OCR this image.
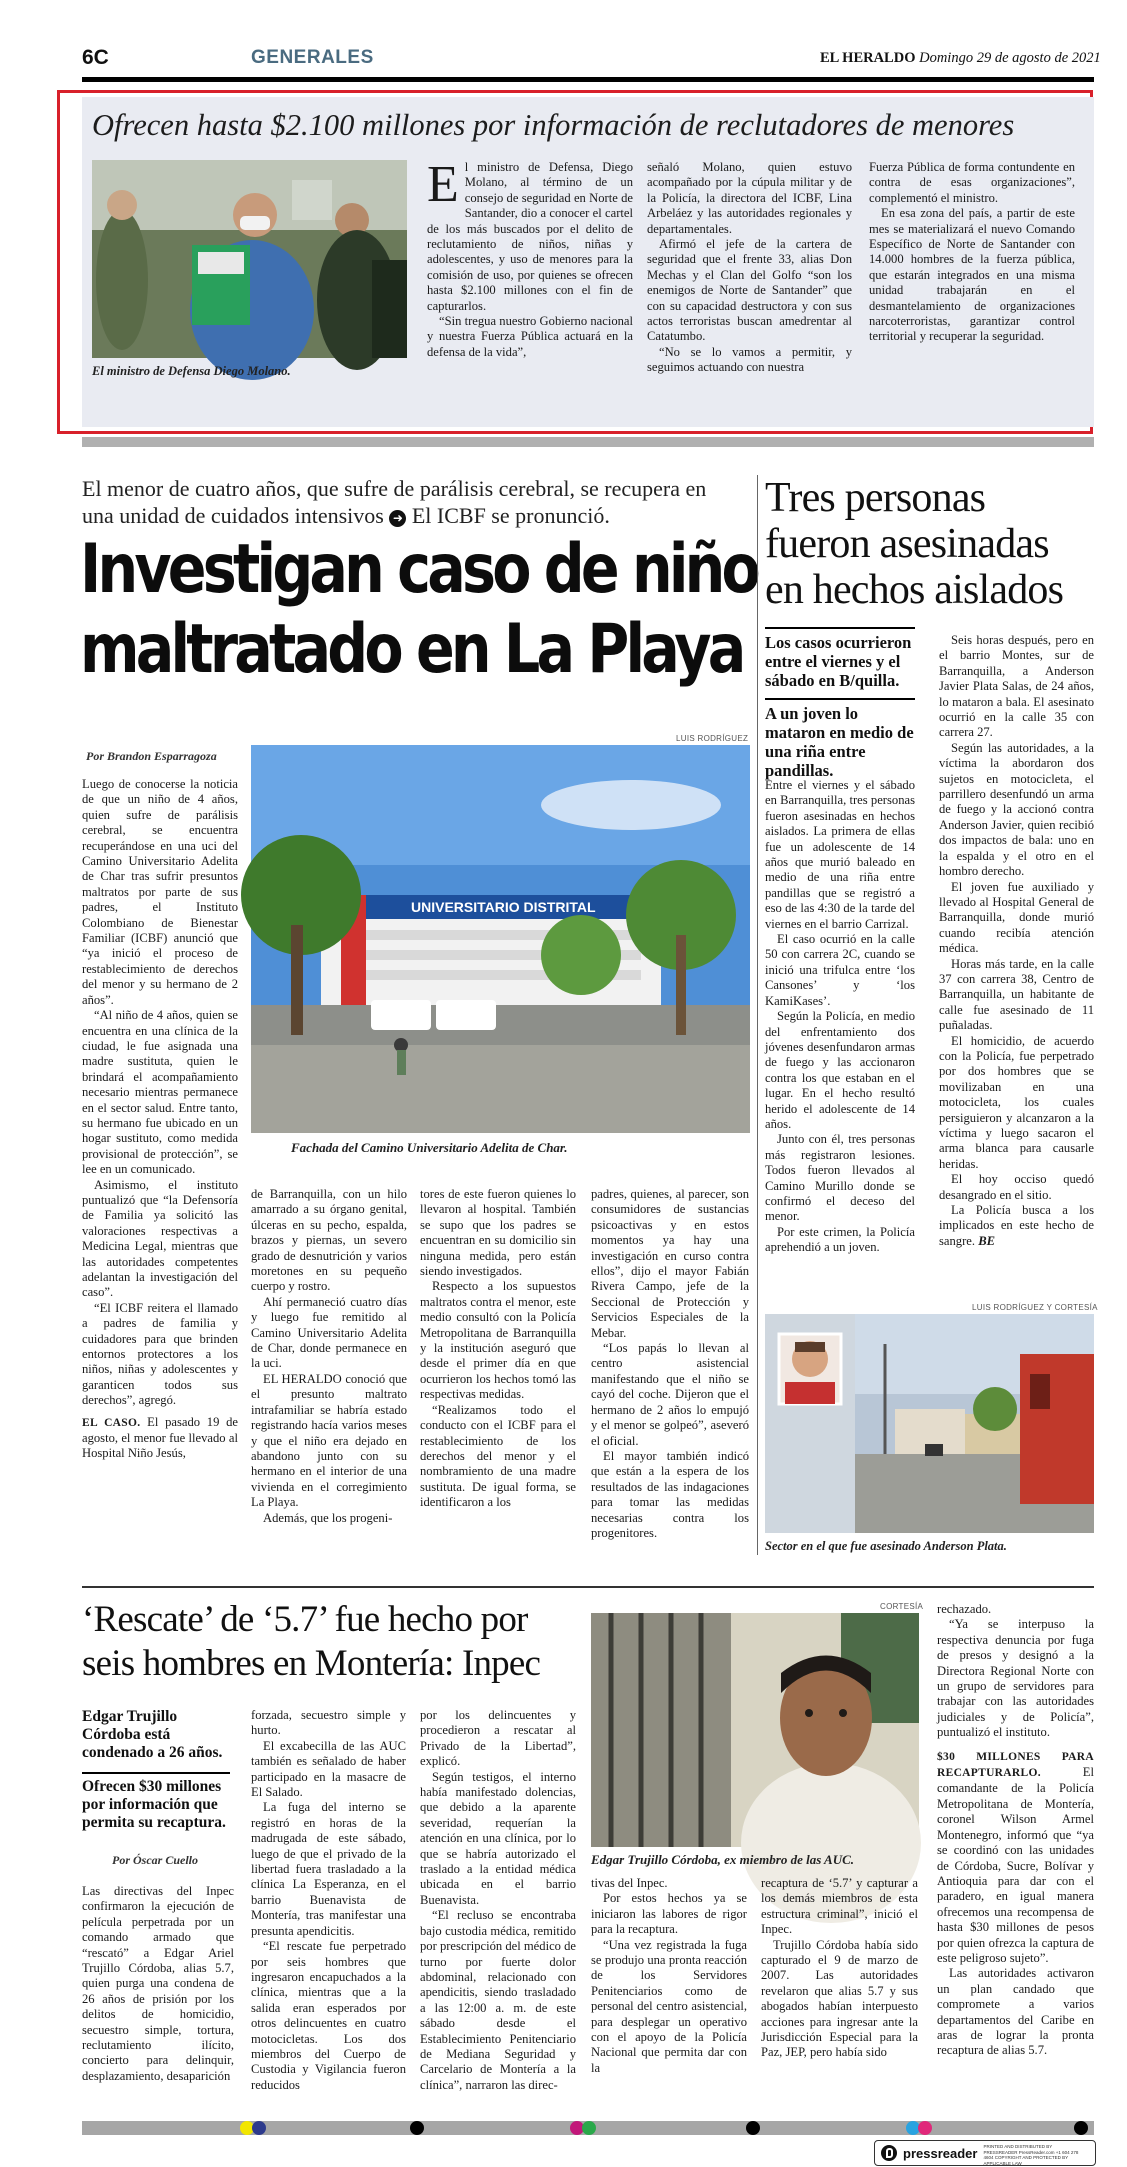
6C	GENERALES	EL HERALDO Domingo 29 de agosto de 2021
Ofrecen hasta $2.100 millones por información de reclutadores de menores
El ministro de Defensa Diego Molano.
E l ministro de Defensa, Diego Molano, al término de un consejo de seguridad en Norte de Santander, dio a conocer el cartel de los más buscados por el delito de reclutamiento de niños, niñas y adolescentes, y uso de menores para la comisión de uso, por quienes se ofrecen hasta $2.100 millones con el fin de capturarlos.

“Sin tregua nuestro Gobierno nacional y nuestra Fuerza Pública actuará en la defensa de la vida”,

señaló Molano, quien estuvo acompañado por la cúpula militar y de la Policía, la directora del ICBF, Lina Arbeláez y las autoridades regionales y departamentales.

Afirmó el jefe de la cartera de seguridad que el frente 33, alias Don Mechas y el Clan del Golfo “son los enemigos de Norte de Santander” que con su capacidad destructora y con sus actos terroristas buscan amedrentar al Catatumbo.

“No se lo vamos a permitir, y seguimos actuando con nuestra

Fuerza Pública de forma contundente en contra de esas organizaciones”, complementó el ministro.

En esa zona del país, a partir de este mes se materializará el nuevo Comando Específico de Norte de Santander con 14.000 hombres de la fuerza pública, que estarán integrados en una misma unidad trabajarán en el desmantelamiento de organizaciones narcoterroristas, garantizar control territorial y recuperar la seguridad.

El menor de cuatro años, que sufre de parálisis cerebral, se recupera en una unidad de cuidados intensivos ➜ El ICBF se pronunció.
Investigan caso de niño
maltratado en La Playa
LUIS RODRÍGUEZ
Por Brandon Esparragoza
UNIVERSITARIO DISTRITAL
Fachada del Camino Universitario Adelita de Char.

Luego de conocerse la noticia de que un niño de 4 años, quien sufre de parálisis cerebral, se encuentra recuperándose en una uci del Camino Universitario Adelita de Char tras sufrir presuntos maltratos por parte de sus padres, el Instituto Colombiano de Bienestar Familiar (ICBF) anunció que “ya inició el proceso de restablecimiento de derechos del menor y su hermano de 2 años”.

“Al niño de 4 años, quien se encuentra en una clínica de la ciudad, le fue asignada una madre sustituta, quien le brindará el acompañamiento necesario mientras permanece en el sector salud. Entre tanto, su hermano fue ubicado en un hogar sustituto, como medida provisional de protección”, se lee en un comunicado.

Asimismo, el instituto puntualizó que “la Defensoría de Familia ya solicitó las valoraciones respectivas a Medicina Legal, mientras que las autoridades competentes adelantan la investigación del caso”.

“El ICBF reitera el llamado a padres de familia y cuidadores para que brinden entornos protectores a los niños, niñas y adolescentes y garanticen todos sus derechos”, agregó.

EL CASO. El pasado 19 de agosto, el menor fue llevado al Hospital Niño Jesús,

de Barranquilla, con un hilo amarrado a su órgano genital, úlceras en su pecho, espalda, brazos y piernas, un severo grado de desnutrición y varios moretones en su pequeño cuerpo y rostro.

Ahí permaneció cuatro días y luego fue remitido al Camino Universitario Adelita de Char, donde permanece en la uci.

EL HERALDO conoció que el presunto maltrato intrafamiliar se habría estado registrando hacía varios meses y que el niño era dejado en abandono junto con su hermano en el interior de una vivienda en el corregimiento La Playa.

Además, que los progeni-

tores de este fueron quienes lo llevaron al hospital. También se supo que los padres se encuentran en su domicilio sin ninguna medida, pero están siendo investigados.

Respecto a los supuestos maltratos contra el menor, este medio consultó con la Policía Metropolitana de Barranquilla y la institución aseguró que desde el primer día en que ocurrieron los hechos tomó las respectivas medidas.

“Realizamos todo el conducto con el ICBF para el restablecimiento de los derechos del menor y el nombramiento de una madre sustituta. De igual forma, se identificaron a los

padres, quienes, al parecer, son consumidores de sustancias psicoactivas y en estos momentos ya hay una investigación en curso contra ellos”, dijo el mayor Fabián Rivera Campo, jefe de la Seccional de Protección y Servicios Especiales de la Mebar.

“Los papás lo llevan al centro asistencial manifestando que el niño se cayó del coche. Dijeron que el hermano de 2 años lo empujó y el menor se golpeó”, aseveró el oficial.

El mayor también indicó que están a la espera de los resultados de las indagaciones para tomar las medidas necesarias contra los progenitores.

Tres personas
fueron asesinadas
en hechos aislados
Los casos ocurrieron entre el viernes y el sábado en B/quilla.
A un joven lo mataron en medio de una riña entre pandillas.

Entre el viernes y el sábado en Barranquilla, tres personas fueron asesinadas en hechos aislados. La primera de ellas fue un adolescente de 14 años que murió baleado en medio de una riña entre pandillas que se registró a eso de las 4:30 de la tarde del viernes en el barrio Carrizal.

El caso ocurrió en la calle 50 con carrera 2C, cuando se inició una trifulca entre ‘los Cansones’ y ‘los KamiKases’.

Según la Policía, en medio del enfrentamiento dos jóvenes desenfundaron armas de fuego y las accionaron contra los que estaban en el lugar. En el hecho resultó herido el adolescente de 14 años.

Junto con él, tres personas más registraron lesiones. Todos fueron llevados al Camino Murillo donde se confirmó el deceso del menor.

Por este crimen, la Policía aprehendió a un joven.

Seis horas después, pero en el barrio Montes, sur de Barranquilla, a Anderson Javier Plata Salas, de 24 años, lo mataron a bala. El asesinato ocurrió en la calle 35 con carrera 27.

Según las autoridades, a la víctima la abordaron dos sujetos en motocicleta, el parrillero desenfundó un arma de fuego y la accionó contra Anderson Javier, quien recibió dos impactos de bala: uno en la espalda y el otro en el hombro derecho.

El joven fue auxiliado y llevado al Hospital General de Barranquilla, donde murió cuando recibía atención médica.

Horas más tarde, en la calle 37 con carrera 38, Centro de Barranquilla, un habitante de calle fue asesinado de 11 puñaladas.

El homicidio, de acuerdo con la Policía, fue perpetrado por dos hombres que se movilizaban en una motocicleta, los cuales persiguieron y alcanzaron a la víctima y luego sacaron el arma blanca para causarle heridas.

El hoy occiso quedó desangrado en el sitio.

La Policía busca a los implicados en este hecho de sangre. BE

LUIS RODRÍGUEZ Y CORTESÍA
Sector en el que fue asesinado Anderson Plata.
‘Rescate’ de ‘5.7’ fue hecho por
seis hombres en Montería: Inpec
Edgar Trujillo Córdoba está condenado a 26 años.
Ofrecen $30 millones por información que permita su recaptura.
Por Óscar Cuello

Las directivas del Inpec confirmaron la ejecución de película perpetrada por un comando armado que “rescató” a Edgar Ariel Trujillo Córdoba, alias 5.7, quien purga una condena de 26 años de prisión por los delitos de homicidio, secuestro simple, tortura, reclutamiento ilícito, concierto para delinquir, desplazamiento, desaparición

forzada, secuestro simple y hurto.

El excabecilla de las AUC también es señalado de haber participado en la masacre de El Salado.

La fuga del interno se registró en horas de la madrugada de este sábado, luego de que el privado de la libertad fuera trasladado a la clínica La Esperanza, en el barrio Buenavista de Montería, tras manifestar una presunta apendicitis.

“El rescate fue perpetrado por seis hombres que ingresaron encapuchados a la clínica, mientras que a la salida eran esperados por otros delincuentes en cuatro motocicletas. Los dos miembros del Cuerpo de Custodia y Vigilancia fueron reducidos

por los delincuentes y procedieron a rescatar al Privado de la Libertad”, explicó.

Según testigos, el interno había manifestado dolencias, que debido a la aparente severidad, requerían la atención en una clínica, por lo que se habría autorizado el traslado a la entidad médica ubicada en el barrio Buenavista.

“El recluso se encontraba bajo custodia médica, remitido por prescripción del médico de turno por fuerte dolor abdominal, relacionado con apendicitis, siendo trasladado a las 12:00 a. m. de este sábado desde el Establecimiento Penitenciario de Mediana Seguridad y Carcelario de Montería a la clínica”, narraron las direc-

CORTESÍA
Edgar Trujillo Córdoba, ex miembro de las AUC.

tivas del Inpec.

Por estos hechos ya se iniciaron las labores de rigor para la recaptura.

“Una vez registrada la fuga se produjo una pronta reacción de los Servidores Penitenciarios como de personal del centro asistencial, para desplegar un operativo con el apoyo de la Policía Nacional que permita dar con la

recaptura de ‘5.7’ y capturar a los demás miembros de esta estructura criminal”, inició el Inpec.

Trujillo Córdoba había sido capturado el 9 de marzo de 2007. Las autoridades revelaron que alias 5.7 y sus abogados habían interpuesto acciones para ingresar ante la Jurisdicción Especial para la Paz, JEP, pero había sido

rechazado.

“Ya se interpuso la respectiva denuncia por fuga de presos y designó a la Directora Regional Norte con un grupo de servidores para trabajar con las autoridades judiciales y de Policía”, puntualizó el instituto.

$30 MILLONES PARA RECAPTURARLO. El comandante de la Policía Metropolitana de Montería, coronel Wilson Armel Montenegro, informó que “ya se coordinó con las unidades de Córdoba, Sucre, Bolívar y Antioquia para dar con el paradero, en igual manera ofrecemos una recompensa de hasta $30 millones de pesos por quien ofrezca la captura de este peligroso sujeto”.

Las autoridades activaron un plan candado que compromete a varios departamentos del Caribe en aras de lograr la pronta recaptura de alias 5.7.

pressreader PRINTED AND DISTRIBUTED BY PRESSREADER PressReader.com +1 604 278 4604 COPYRIGHT AND PROTECTED BY APPLICABLE LAW
